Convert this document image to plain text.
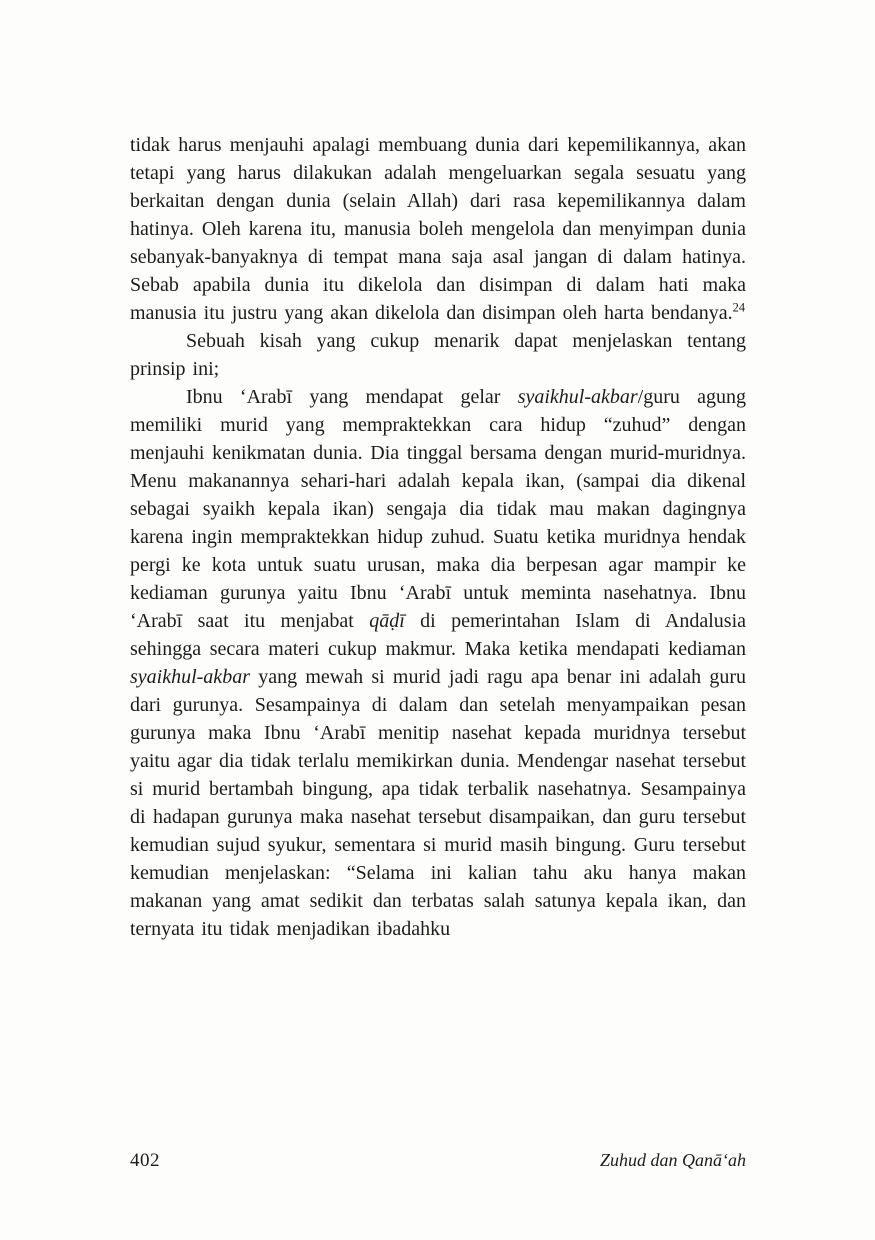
tidak harus menjauhi apalagi membuang dunia dari kepemilikannya, akan tetapi yang harus dilakukan adalah mengeluarkan segala sesuatu yang berkaitan dengan dunia (selain Allah) dari rasa kepemilikannya dalam hatinya. Oleh karena itu, manusia boleh mengelola dan menyimpan dunia sebanyak-banyaknya di tempat mana saja asal jangan di dalam hatinya. Sebab apabila dunia itu dikelola dan disimpan di dalam hati maka manusia itu justru yang akan dikelola dan disimpan oleh harta bendanya.$^{24}$

Sebuah kisah yang cukup menarik dapat menjelaskan tentang prinsip ini;

Ibnu ‘Arabī yang mendapat gelar syaikhul-akbar/guru agung memiliki murid yang mempraktekkan cara hidup “zuhud” dengan menjauhi kenikmatan dunia. Dia tinggal bersama dengan murid-muridnya. Menu makanannya sehari-hari adalah kepala ikan, (sampai dia dikenal sebagai syaikh kepala ikan) sengaja dia tidak mau makan dagingnya karena ingin mempraktekkan hidup zuhud. Suatu ketika muridnya hendak pergi ke kota untuk suatu urusan, maka dia berpesan agar mampir ke kediaman gurunya yaitu Ibnu ‘Arabī untuk meminta nasehatnya. Ibnu ‘Arabī saat itu menjabat qāḍī di pemerintahan Islam di Andalusia sehingga secara materi cukup makmur. Maka ketika mendapati kediaman syaikhul-akbar yang mewah si murid jadi ragu apa benar ini adalah guru dari gurunya. Sesampainya di dalam dan setelah menyampaikan pesan gurunya maka Ibnu ‘Arabī menitip nasehat kepada muridnya tersebut yaitu agar dia tidak terlalu memikirkan dunia. Mendengar nasehat tersebut si murid bertambah bingung, apa tidak terbalik nasehatnya. Sesampainya di hadapan gurunya maka nasehat tersebut disampaikan, dan guru tersebut kemudian sujud syukur, sementara si murid masih bingung. Guru tersebut kemudian menjelaskan: “Selama ini kalian tahu aku hanya makan makanan yang amat sedikit dan terbatas salah satunya kepala ikan, dan ternyata itu tidak menjadikan ibadahku

402	Zuhud dan Qanā‘ah
